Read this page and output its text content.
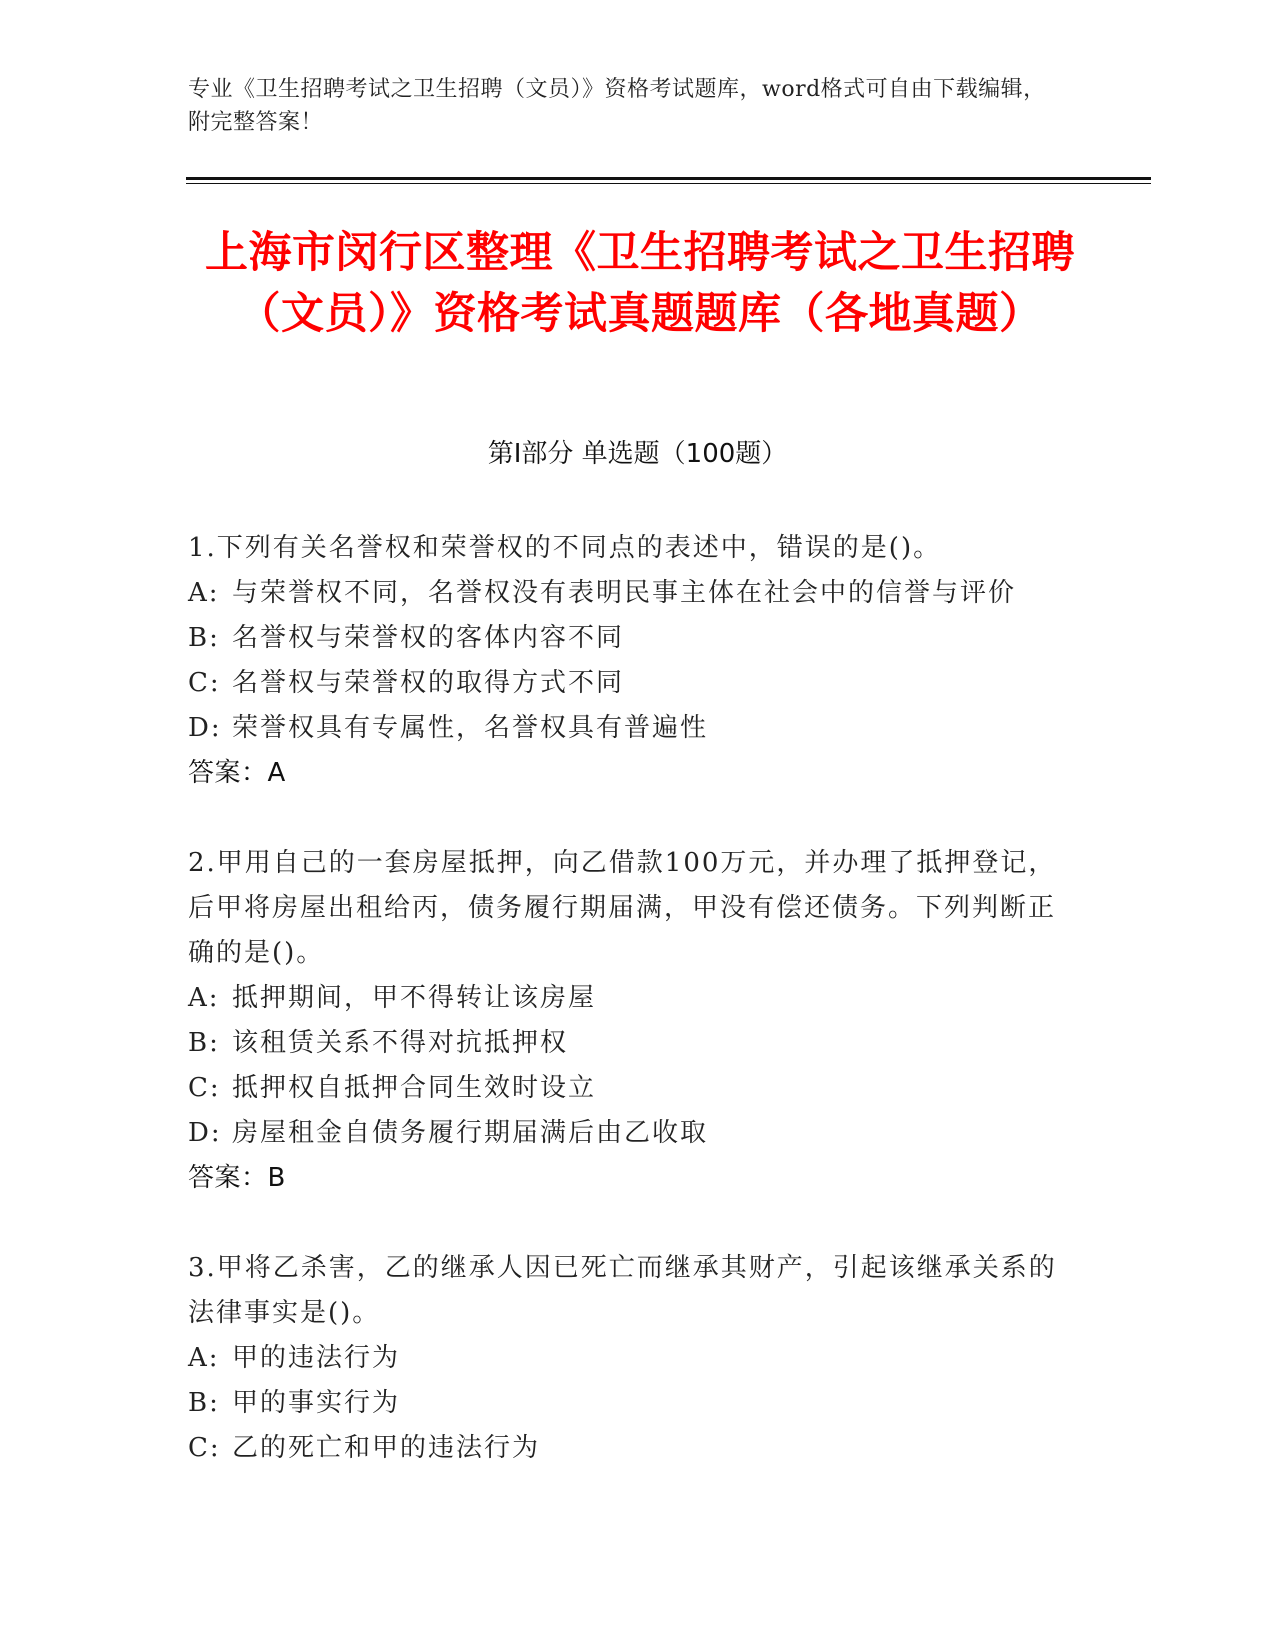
专业《卫生招聘考试之卫生招聘（文员）》资格考试题库，word格式可自由下载编辑，附完整答案！
上海市闵行区整理《卫生招聘考试之卫生招聘（文员）》资格考试真题题库（各地真题）
第Ⅰ部分 单选题（100题）

1.下列有关名誉权和荣誉权的不同点的表述中，错误的是()。

A: 与荣誉权不同，名誉权没有表明民事主体在社会中的信誉与评价

B: 名誉权与荣誉权的客体内容不同

C: 名誉权与荣誉权的取得方式不同

D: 荣誉权具有专属性，名誉权具有普遍性

答案：A

2.甲用自己的一套房屋抵押，向乙借款100万元，并办理了抵押登记，后甲将房屋出租给丙，债务履行期届满，甲没有偿还债务。下列判断正确的是()。

A: 抵押期间，甲不得转让该房屋

B: 该租赁关系不得对抗抵押权

C: 抵押权自抵押合同生效时设立

D: 房屋租金自债务履行期届满后由乙收取

答案：B

3.甲将乙杀害，乙的继承人因已死亡而继承其财产，引起该继承关系的法律事实是()。

A: 甲的违法行为

B: 甲的事实行为

C: 乙的死亡和甲的违法行为
